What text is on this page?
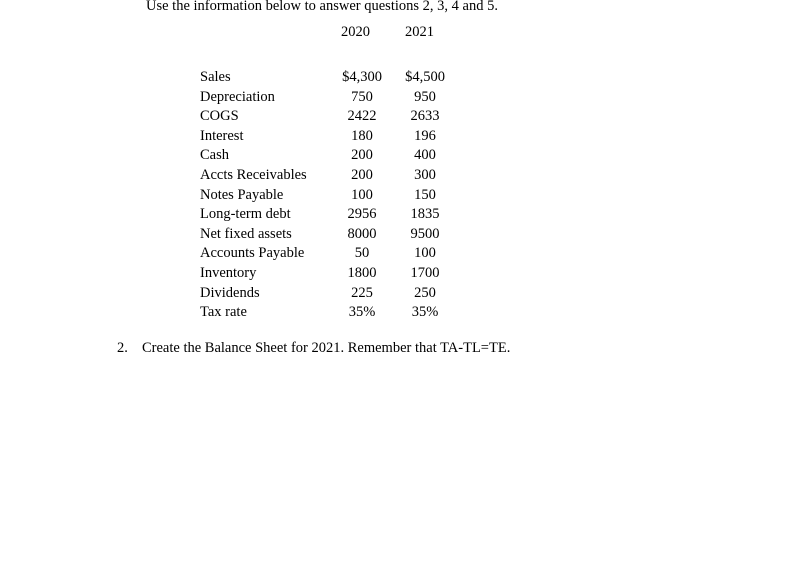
Use the information below to answer questions 2, 3, 4 and 5.

2020 2021
Sales	$4,300 $4,500
Depreciation	750	950
COGS	2422 2633
Interest	180	196
Cash	200	400
Accts Receivables	200	300
Notes Payable	100	150
Long-term debt	2956 1835
Net fixed assets	8000 9500
Accounts Payable	50	100
Inventory	1800 1700
Dividends	225	250
Tax rate	35%	35%

2. Create the Balance Sheet for 2021. Remember that TA-TL=TE.
